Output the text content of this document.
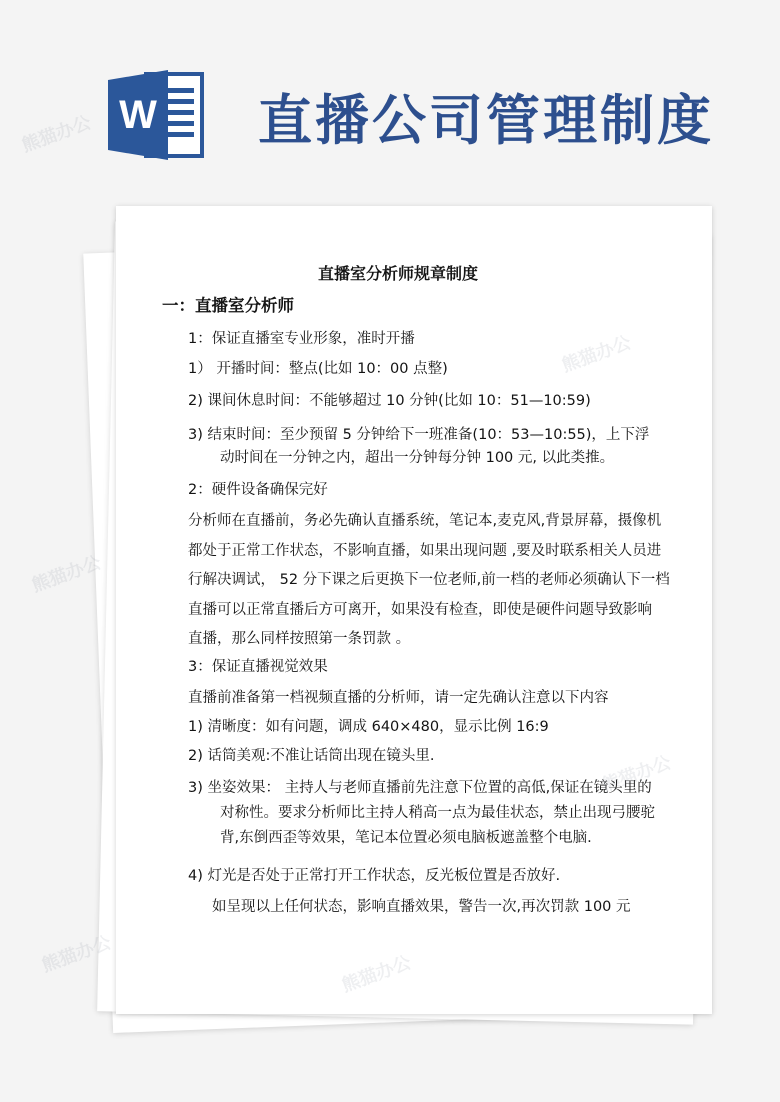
W 直播公司管理制度
直播室分析师规章制度
一：直播室分析师
1：保证直播室专业形象，准时开播
1） 开播时间：整点(比如 10：00 点整)
2) 课间休息时间：不能够超过 10 分钟(比如 10：51—10:59)
3) 结束时间：至少预留 5 分钟给下一班准备(10：53—10:55)，上下浮
动时间在一分钟之内，超出一分钟每分钟 100 元, 以此类推。
2：硬件设备确保完好
分析师在直播前，务必先确认直播系统，笔记本,麦克风,背景屏幕，摄像机
都处于正常工作状态，不影响直播，如果出现问题 ,要及时联系相关人员进
行解决调试， 52 分下课之后更换下一位老师,前一档的老师必须确认下一档
直播可以正常直播后方可离开，如果没有检查，即使是硬件问题导致影响
直播，那么同样按照第一条罚款 。
3：保证直播视觉效果
直播前准备第一档视频直播的分析师，请一定先确认注意以下内容
1) 清晰度：如有问题，调成 640×480，显示比例 16:9
2) 话筒美观:不准让话筒出现在镜头里.
3) 坐姿效果： 主持人与老师直播前先注意下位置的高低,保证在镜头里的
对称性。要求分析师比主持人稍高一点为最佳状态，禁止出现弓腰驼
背,东倒西歪等效果，笔记本位置必须电脑板遮盖整个电脑.
4) 灯光是否处于正常打开工作状态，反光板位置是否放好.
如呈现以上任何状态，影响直播效果，警告一次,再次罚款 100 元
熊猫办公
熊猫办公
熊猫办公
